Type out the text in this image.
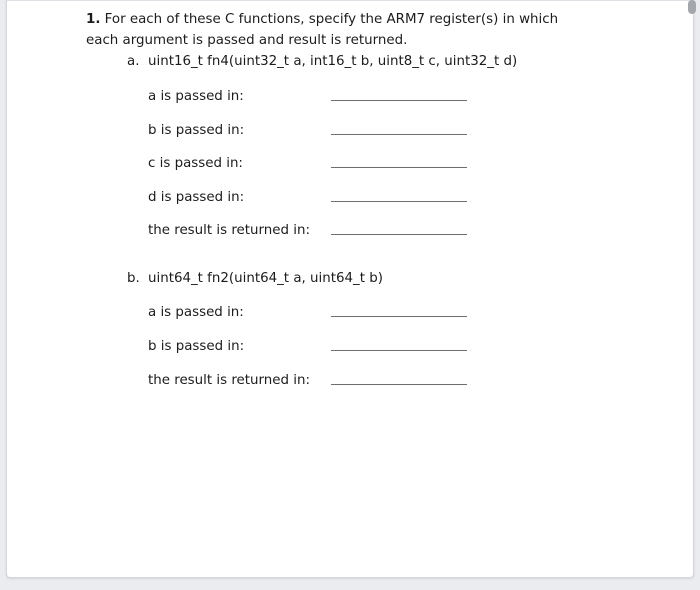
1. For each of these C functions, specify the ARM7 register(s) in which each argument is passed and result is returned.
a. uint16_t fn4(uint32_t a, int16_t b, uint8_t c, uint32_t d)
a is passed in:
b is passed in:
c is passed in:
d is passed in:
the result is returned in:
b. uint64_t fn2(uint64_t a, uint64_t b)
a is passed in:
b is passed in:
the result is returned in:
